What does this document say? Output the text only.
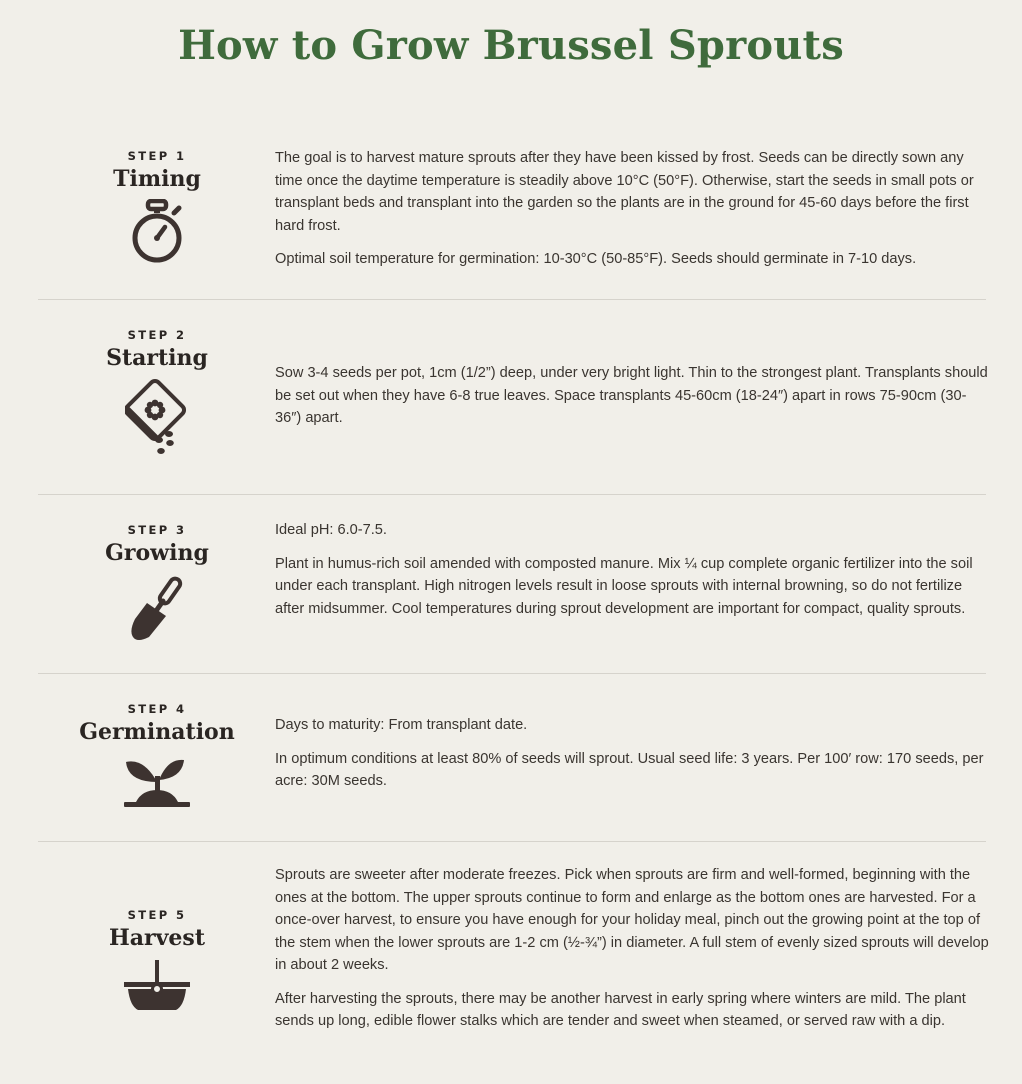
How to Grow Brussel Sprouts
STEP 1
Timing

The goal is to harvest mature sprouts after they have been kissed by frost. Seeds can be directly sown any time once the daytime temperature is steadily above 10°C (50°F). Otherwise, start the seeds in small pots or transplant beds and transplant into the garden so the plants are in the ground for 45-60 days before the first hard frost.

Optimal soil temperature for germination: 10-30°C (50-85°F). Seeds should germinate in 7-10 days.

STEP 2
Starting

Sow 3-4 seeds per pot, 1cm (1/2”) deep, under very bright light. Thin to the strongest plant. Transplants should be set out when they have 6-8 true leaves. Space transplants 45-60cm (18-24″) apart in rows 75-90cm (30-36″) apart.

STEP 3
Growing

Ideal pH: 6.0-7.5.

Plant in humus-rich soil amended with composted manure. Mix ¼ cup complete organic fertilizer into the soil under each transplant. High nitrogen levels result in loose sprouts with internal browning, so do not fertilize after midsummer. Cool temperatures during sprout development are important for compact, quality sprouts.

STEP 4
Germination	Days to maturity: From transplant date.

In optimum conditions at least 80% of seeds will sprout. Usual seed life: 3 years. Per 100′ row: 170 seeds, per acre: 30M seeds.

STEP 5
Harvest

Sprouts are sweeter after moderate freezes. Pick when sprouts are firm and well-formed, beginning with the ones at the bottom. The upper sprouts continue to form and enlarge as the bottom ones are harvested. For a once-over harvest, to ensure you have enough for your holiday meal, pinch out the growing point at the top of the stem when the lower sprouts are 1-2 cm (½-¾”) in diameter. A full stem of evenly sized sprouts will develop in about 2 weeks.

After harvesting the sprouts, there may be another harvest in early spring where winters are mild. The plant sends up long, edible flower stalks which are tender and sweet when steamed, or served raw with a dip.
